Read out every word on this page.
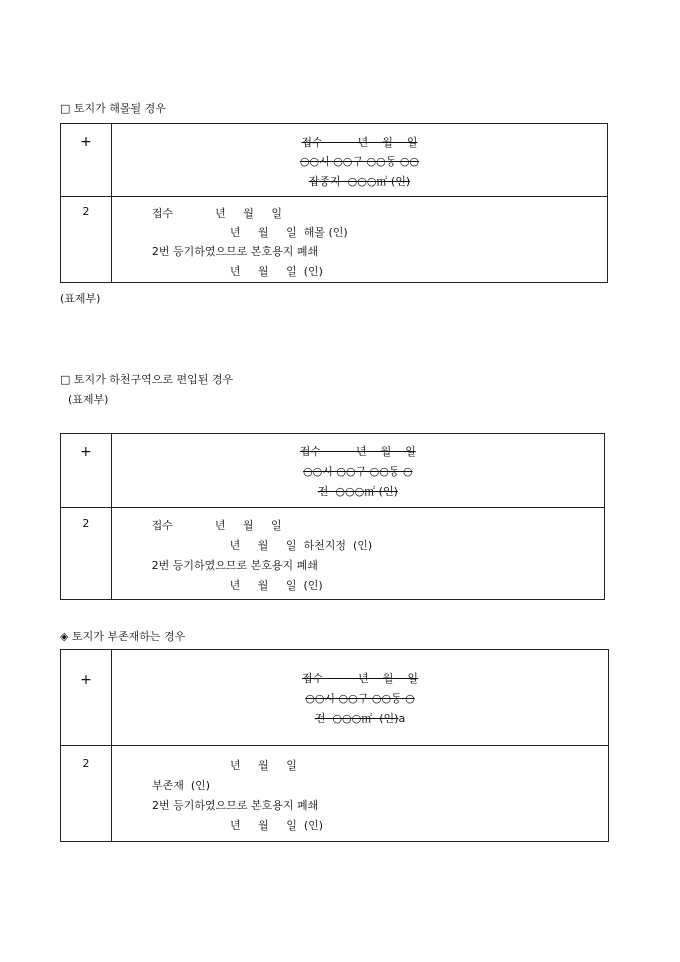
□ 토지가 해몰될 경우
+	접수          년    월    일
○○시 ○○구 ○○동 ○○
잡종지  ○○○㎡ (인)

2	접수            년     월     일
년     월     일  해몰 (인)
2번 등기하였으므로 본호용지 폐쇄
년     월     일  (인)
(표제부)
□ 토지가 하천구역으로 편입된 경우
(표제부)
+	접수          년    월    일
○○시 ○○구 ○○동 ○
전  ○○○㎡ (인)

2	접수            년     월     일
년     월     일  하천지정  (인)
2번 등기하였으므로 본호용지 폐쇄
년     월     일  (인)
◈ 토지가 부존재하는 경우
+	접수          년    월    일
○○시 ○○구 ○○동 ○
전  ○○○㎡  (인)a

2	년     월     일
부존재  (인)
2번 등기하였으므로 본호용지 폐쇄
년     월     일  (인)
